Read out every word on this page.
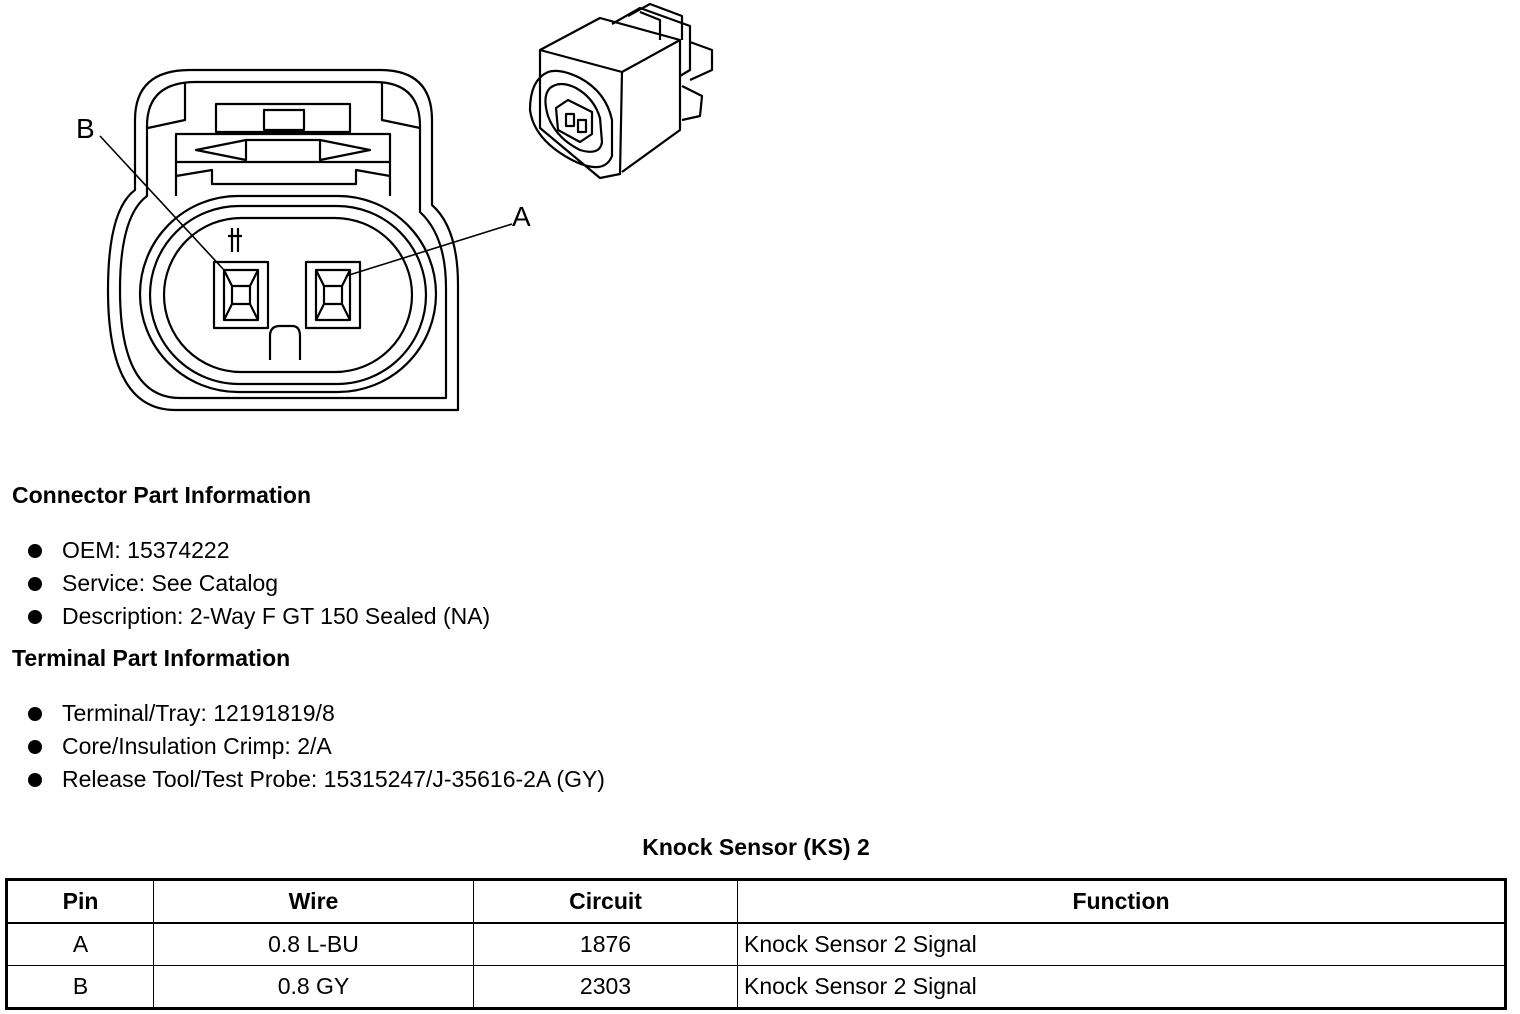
B
A
Connector Part Information
OEM: 15374222
Service: See Catalog
Description: 2-Way F GT 150 Sealed (NA)
Terminal Part Information
Terminal/Tray: 12191819/8
Core/Insulation Crimp: 2/A
Release Tool/Test Probe: 15315247/J-35616-2A (GY)
Knock Sensor (KS) 2
Pin	Wire	Circuit	Function
A	0.8 L-BU	1876	Knock Sensor 2 Signal
B	0.8 GY	2303	Knock Sensor 2 Signal
